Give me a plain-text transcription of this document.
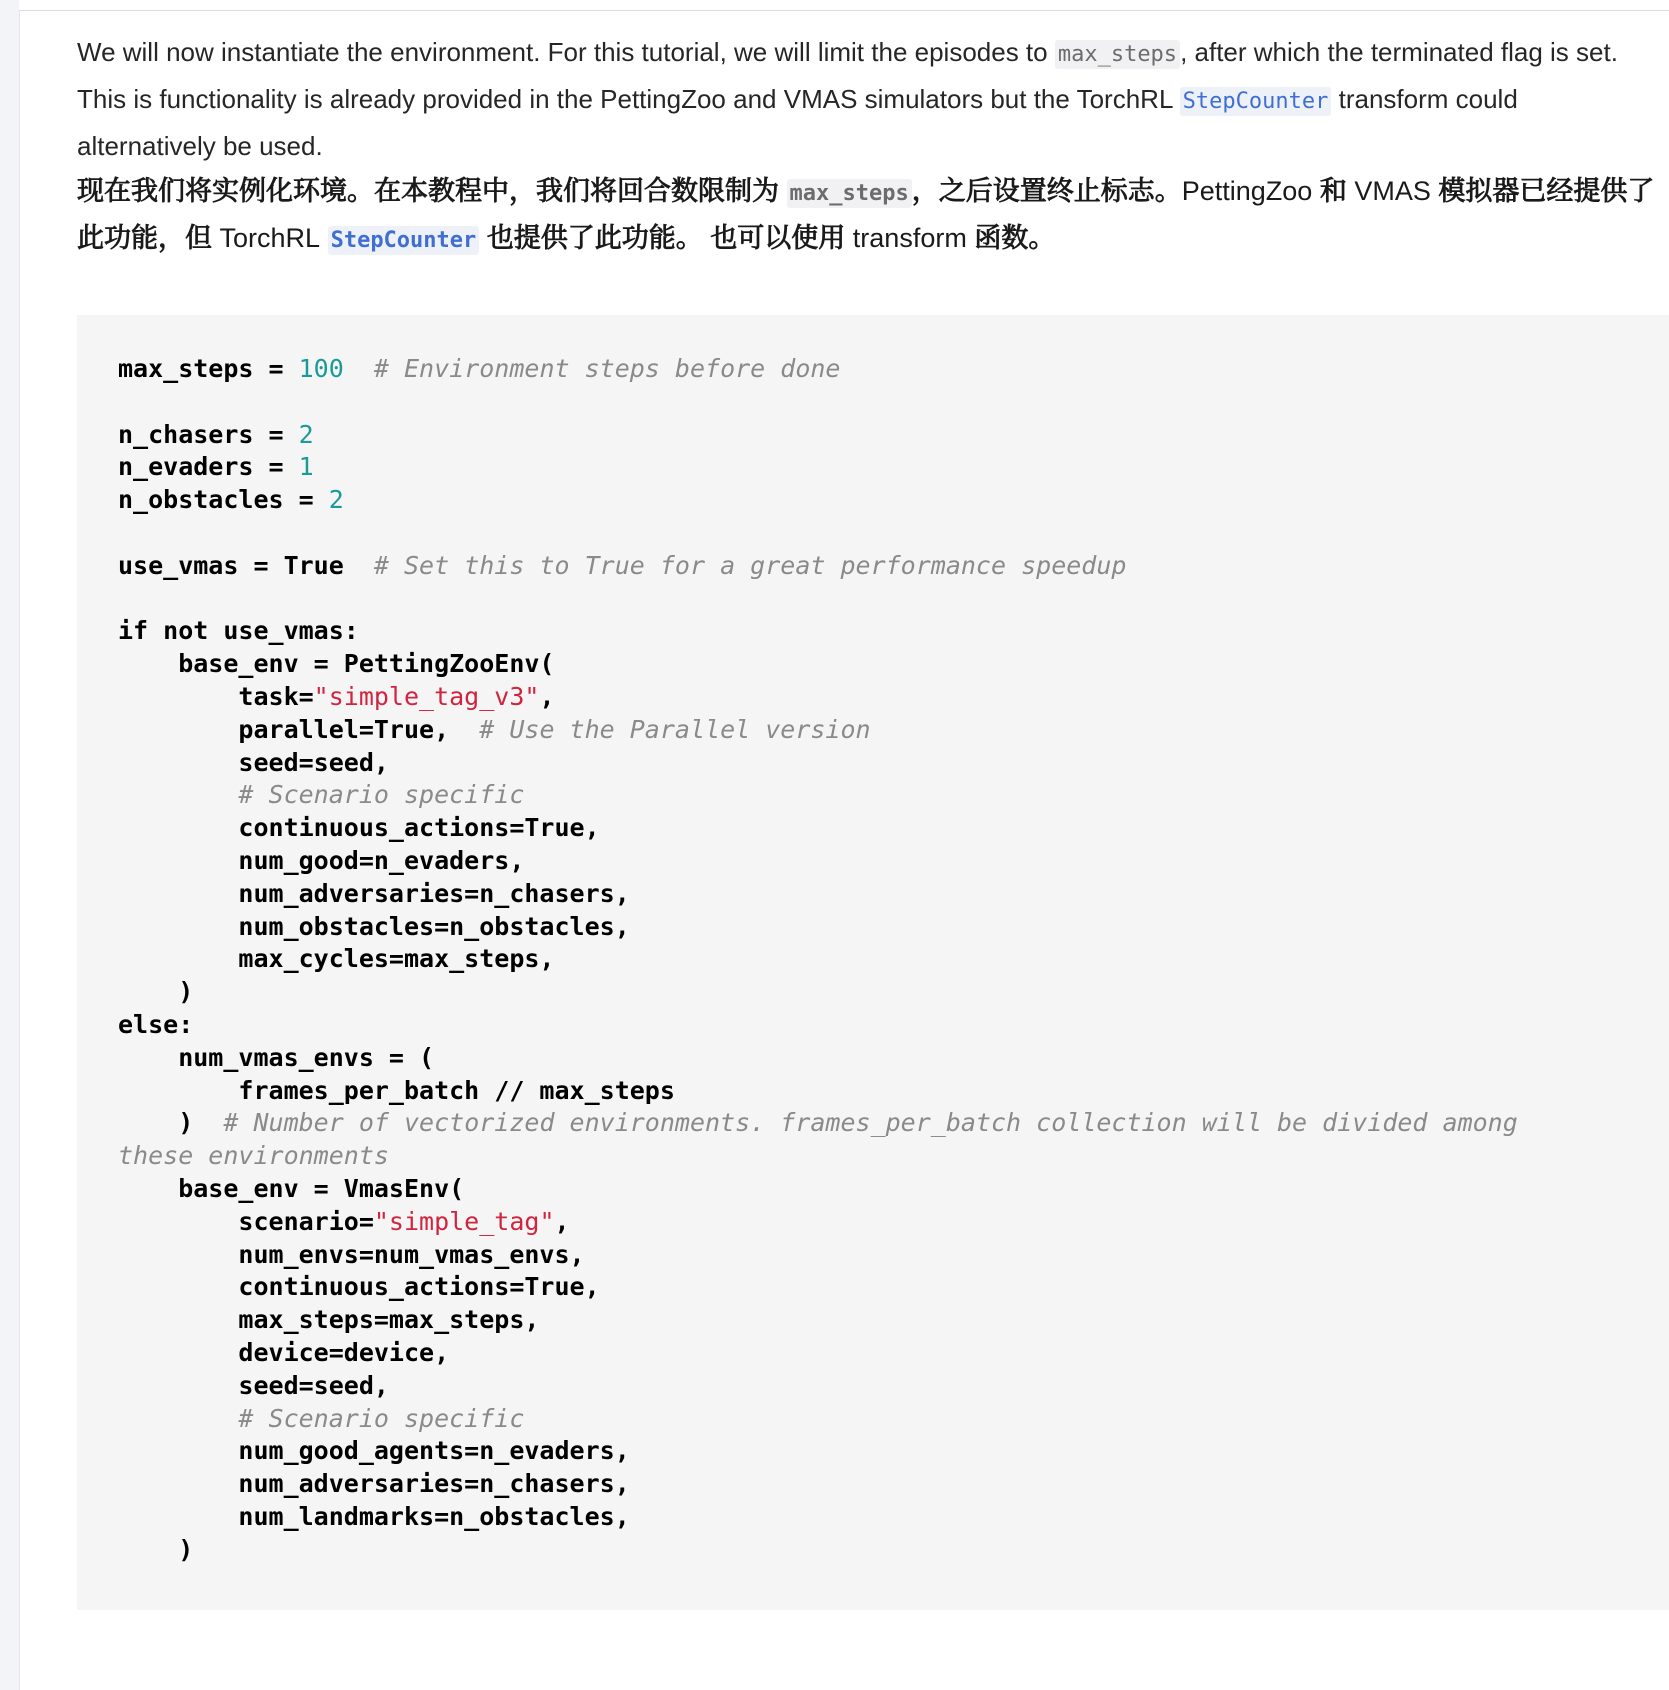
We will now instantiate the environment. For this tutorial, we will limit the episodes to max_steps , after which the terminated flag is set. This is functionality is already provided in the PettingZoo and VMAS simulators but the TorchRL StepCounter transform could alternatively be used.

现在我们将实例化环境。在本教程中，我们将回合数限制为 max_steps ，之后设置终止标志。PettingZoo 和 VMAS 模拟器已经提供了此功能，但 TorchRL StepCounter 也提供了此功能。 也可以使用 transform 函数。

max_steps = 100  # Environment steps before done
n_chasers = 2
n_evaders = 1
n_obstacles = 2
use_vmas = True  # Set this to True for a great performance speedup
if not use_vmas:
base_env = PettingZooEnv(
task="simple_tag_v3",
parallel=True,  # Use the Parallel version
seed=seed,
# Scenario specific
continuous_actions=True,
num_good=n_evaders,
num_adversaries=n_chasers,
num_obstacles=n_obstacles,
max_cycles=max_steps,
)
else:
num_vmas_envs = (
frames_per_batch // max_steps
)  # Number of vectorized environments. frames_per_batch collection will be divided among
these environments
base_env = VmasEnv(
scenario="simple_tag",
num_envs=num_vmas_envs,
continuous_actions=True,
max_steps=max_steps,
device=device,
seed=seed,
# Scenario specific
num_good_agents=n_evaders,
num_adversaries=n_chasers,
num_landmarks=n_obstacles,
)
